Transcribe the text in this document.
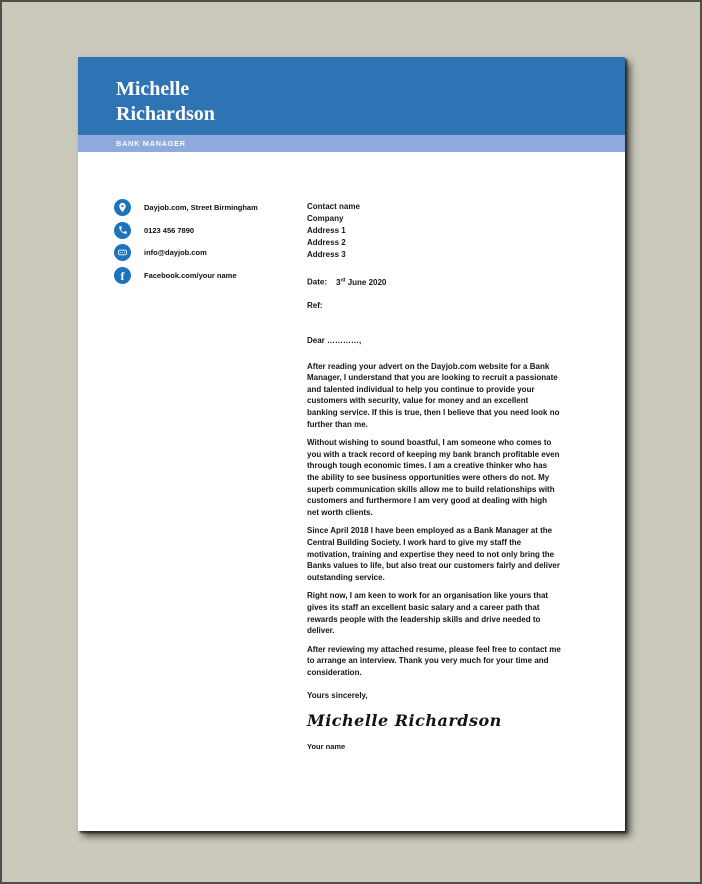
Michelle
Richardson
BANK MANAGER
Dayjob.com, Street Birmingham
0123 456 7890
info@dayjob.com
f	Facebook.com/your name
Contact name
Company
Address 1
Address 2
Address 3
Date: 3rd June 2020
Ref:
Dear …………,

After reading your advert on the Dayjob.com website for a Bank Manager, I understand that you are looking to recruit a passionate and talented individual to help you continue to provide your customers with security, value for money and an excellent banking service. If this is true, then I believe that you need look no further than me.

Without wishing to sound boastful, I am someone who comes to you with a track record of keeping my bank branch profitable even through tough economic times. I am a creative thinker who has the ability to see business opportunities were others do not. My superb communication skills allow me to build relationships with customers and furthermore I am very good at dealing with high net worth clients.

Since April 2018 I have been employed as a Bank Manager at the Central Building Society. I work hard to give my staff the motivation, training and expertise they need to not only bring the Banks values to life, but also treat our customers fairly and deliver outstanding service.

Right now, I am keen to work for an organisation like yours that gives its staff an excellent basic salary and a career path that rewards people with the leadership skills and drive needed to deliver.

After reviewing my attached resume, please feel free to contact me to arrange an interview. Thank you very much for your time and consideration.

Yours sincerely,
Michelle Richardson
Your name
